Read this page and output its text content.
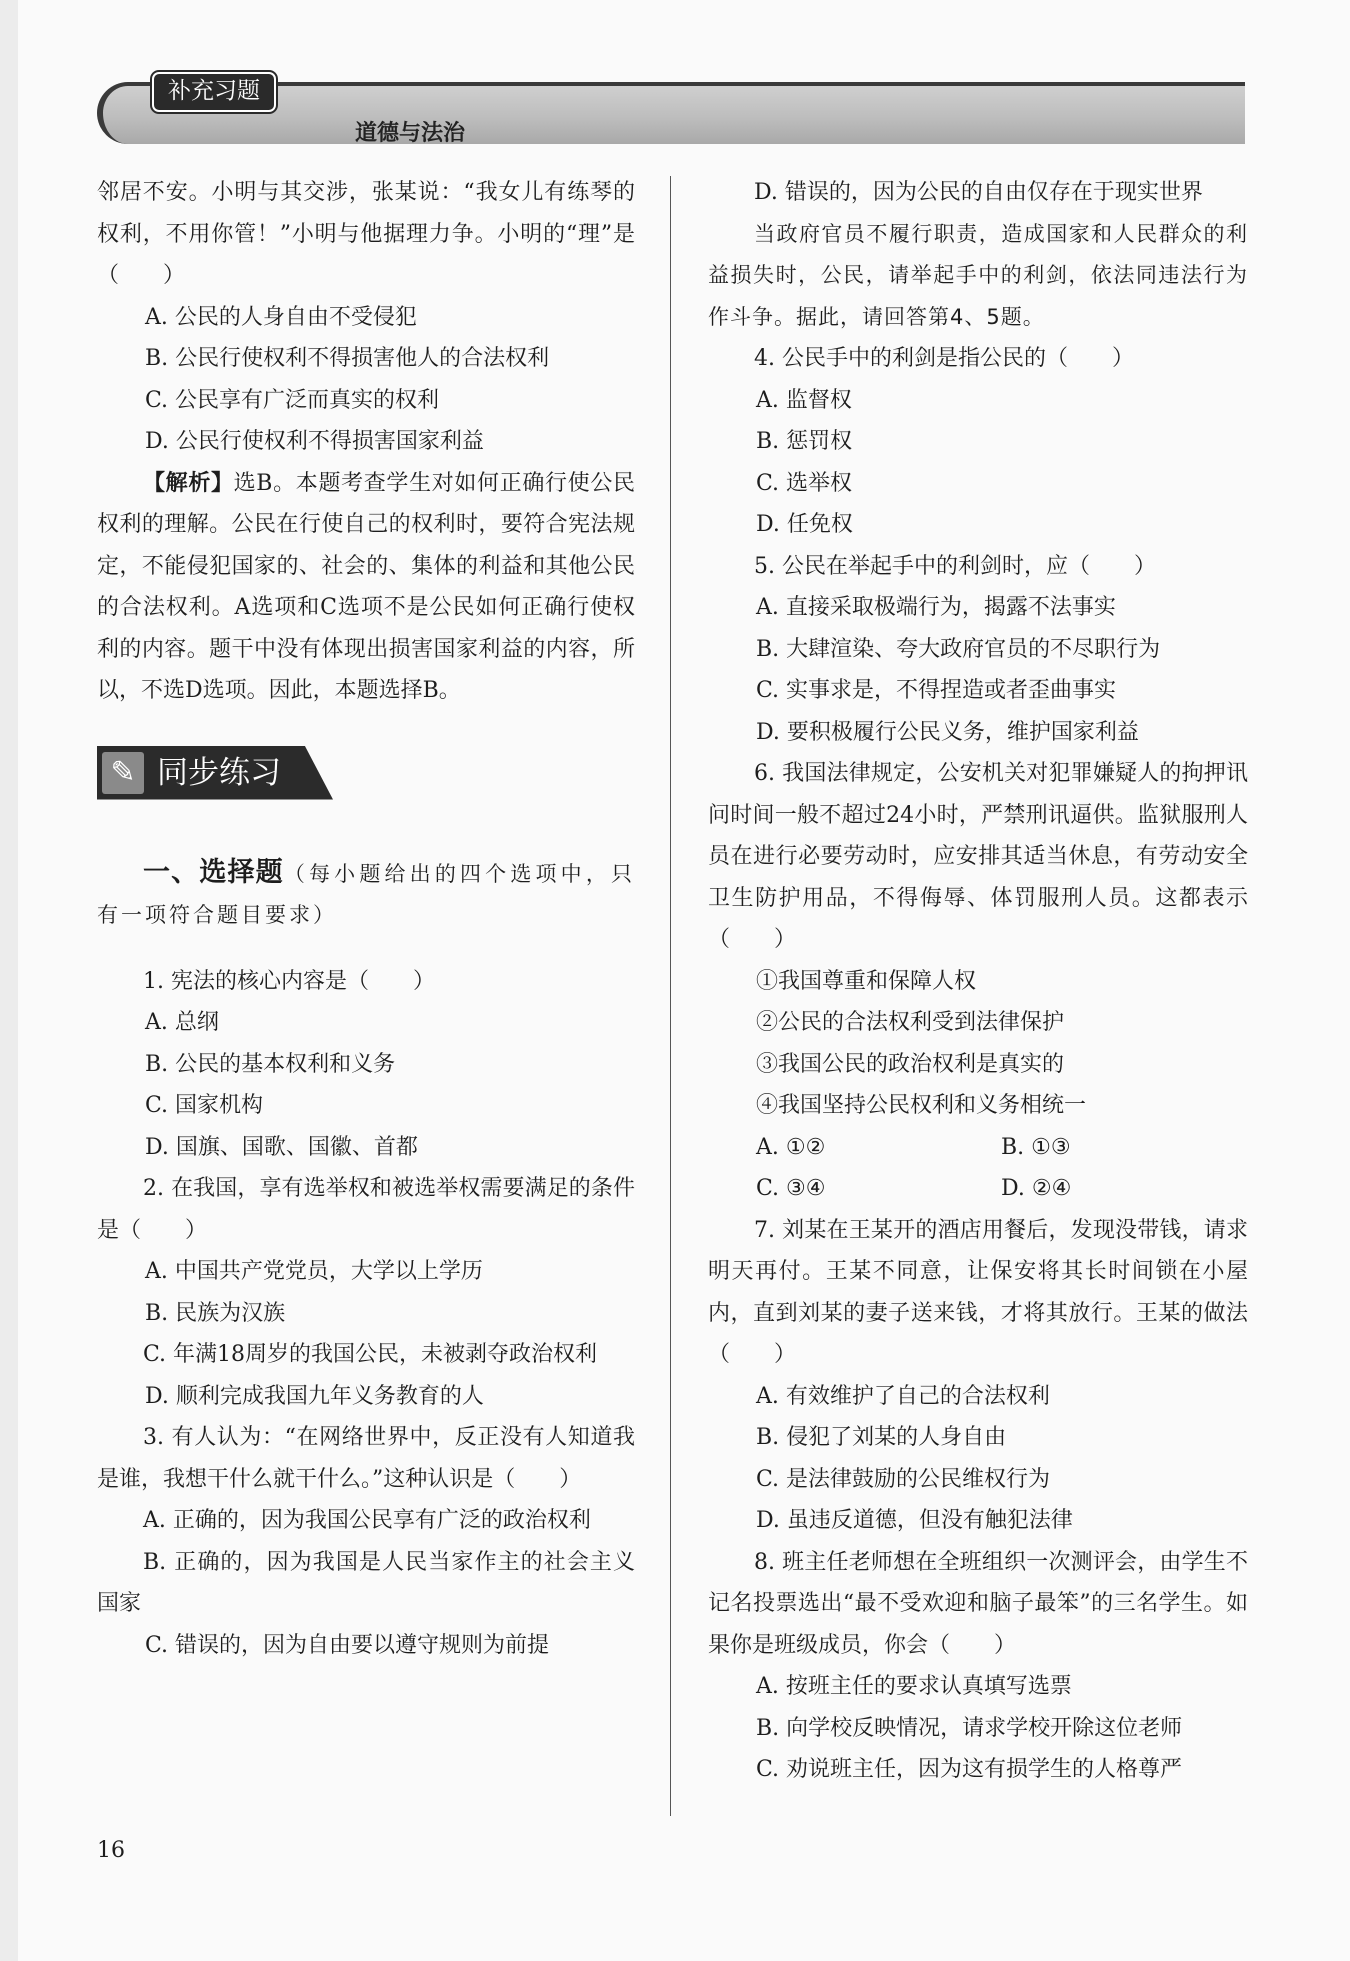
补充习题
道德与法治

邻居不安。小明与其交涉，张某说：“我女儿有练琴的权利，不用你管！”小明与他据理力争。小明的“理”是（　　）

A. 公民的人身自由不受侵犯

B. 公民行使权利不得损害他人的合法权利

C. 公民享有广泛而真实的权利

D. 公民行使权利不得损害国家利益

【解析】选B。本题考查学生对如何正确行使公民权利的理解。公民在行使自己的权利时，要符合宪法规定，不能侵犯国家的、社会的、集体的利益和其他公民的合法权利。A选项和C选项不是公民如何正确行使权利的内容。题干中没有体现出损害国家利益的内容，所以，不选D选项。因此，本题选择B。

✎ 同步练习

一、选择题（每小题给出的四个选项中，只有一项符合题目要求）

1. 宪法的核心内容是（　　）

A. 总纲

B. 公民的基本权利和义务

C. 国家机构

D. 国旗、国歌、国徽、首都

2. 在我国，享有选举权和被选举权需要满足的条件是（　　）

A. 中国共产党党员，大学以上学历

B. 民族为汉族

C. 年满18周岁的我国公民，未被剥夺政治权利

D. 顺利完成我国九年义务教育的人

3. 有人认为：“在网络世界中，反正没有人知道我是谁，我想干什么就干什么。”这种认识是（　　）

A. 正确的，因为我国公民享有广泛的政治权利

B. 正确的，因为我国是人民当家作主的社会主义国家

C. 错误的，因为自由要以遵守规则为前提

D. 错误的，因为公民的自由仅存在于现实世界

当政府官员不履行职责，造成国家和人民群众的利益损失时，公民，请举起手中的利剑，依法同违法行为作斗争。据此，请回答第4、5题。

4. 公民手中的利剑是指公民的（　　）

A. 监督权

B. 惩罚权

C. 选举权

D. 任免权

5. 公民在举起手中的利剑时，应（　　）

A. 直接采取极端行为，揭露不法事实

B. 大肆渲染、夸大政府官员的不尽职行为

C. 实事求是，不得捏造或者歪曲事实

D. 要积极履行公民义务，维护国家利益

6. 我国法律规定，公安机关对犯罪嫌疑人的拘押讯问时间一般不超过24小时，严禁刑讯逼供。监狱服刑人员在进行必要劳动时，应安排其适当休息，有劳动安全卫生防护用品，不得侮辱、体罚服刑人员。这都表示（　　）

①我国尊重和保障人权

②公民的合法权利受到法律保护

③我国公民的政治权利是真实的

④我国坚持公民权利和义务相统一

A. ①②	B. ①③

C. ③④	D. ②④

7. 刘某在王某开的酒店用餐后，发现没带钱，请求明天再付。王某不同意，让保安将其长时间锁在小屋内，直到刘某的妻子送来钱，才将其放行。王某的做法（　　）

A. 有效维护了自己的合法权利

B. 侵犯了刘某的人身自由

C. 是法律鼓励的公民维权行为

D. 虽违反道德，但没有触犯法律

8. 班主任老师想在全班组织一次测评会，由学生不记名投票选出“最不受欢迎和脑子最笨”的三名学生。如果你是班级成员，你会（　　）

A. 按班主任的要求认真填写选票

B. 向学校反映情况，请求学校开除这位老师

C. 劝说班主任，因为这有损学生的人格尊严

16
